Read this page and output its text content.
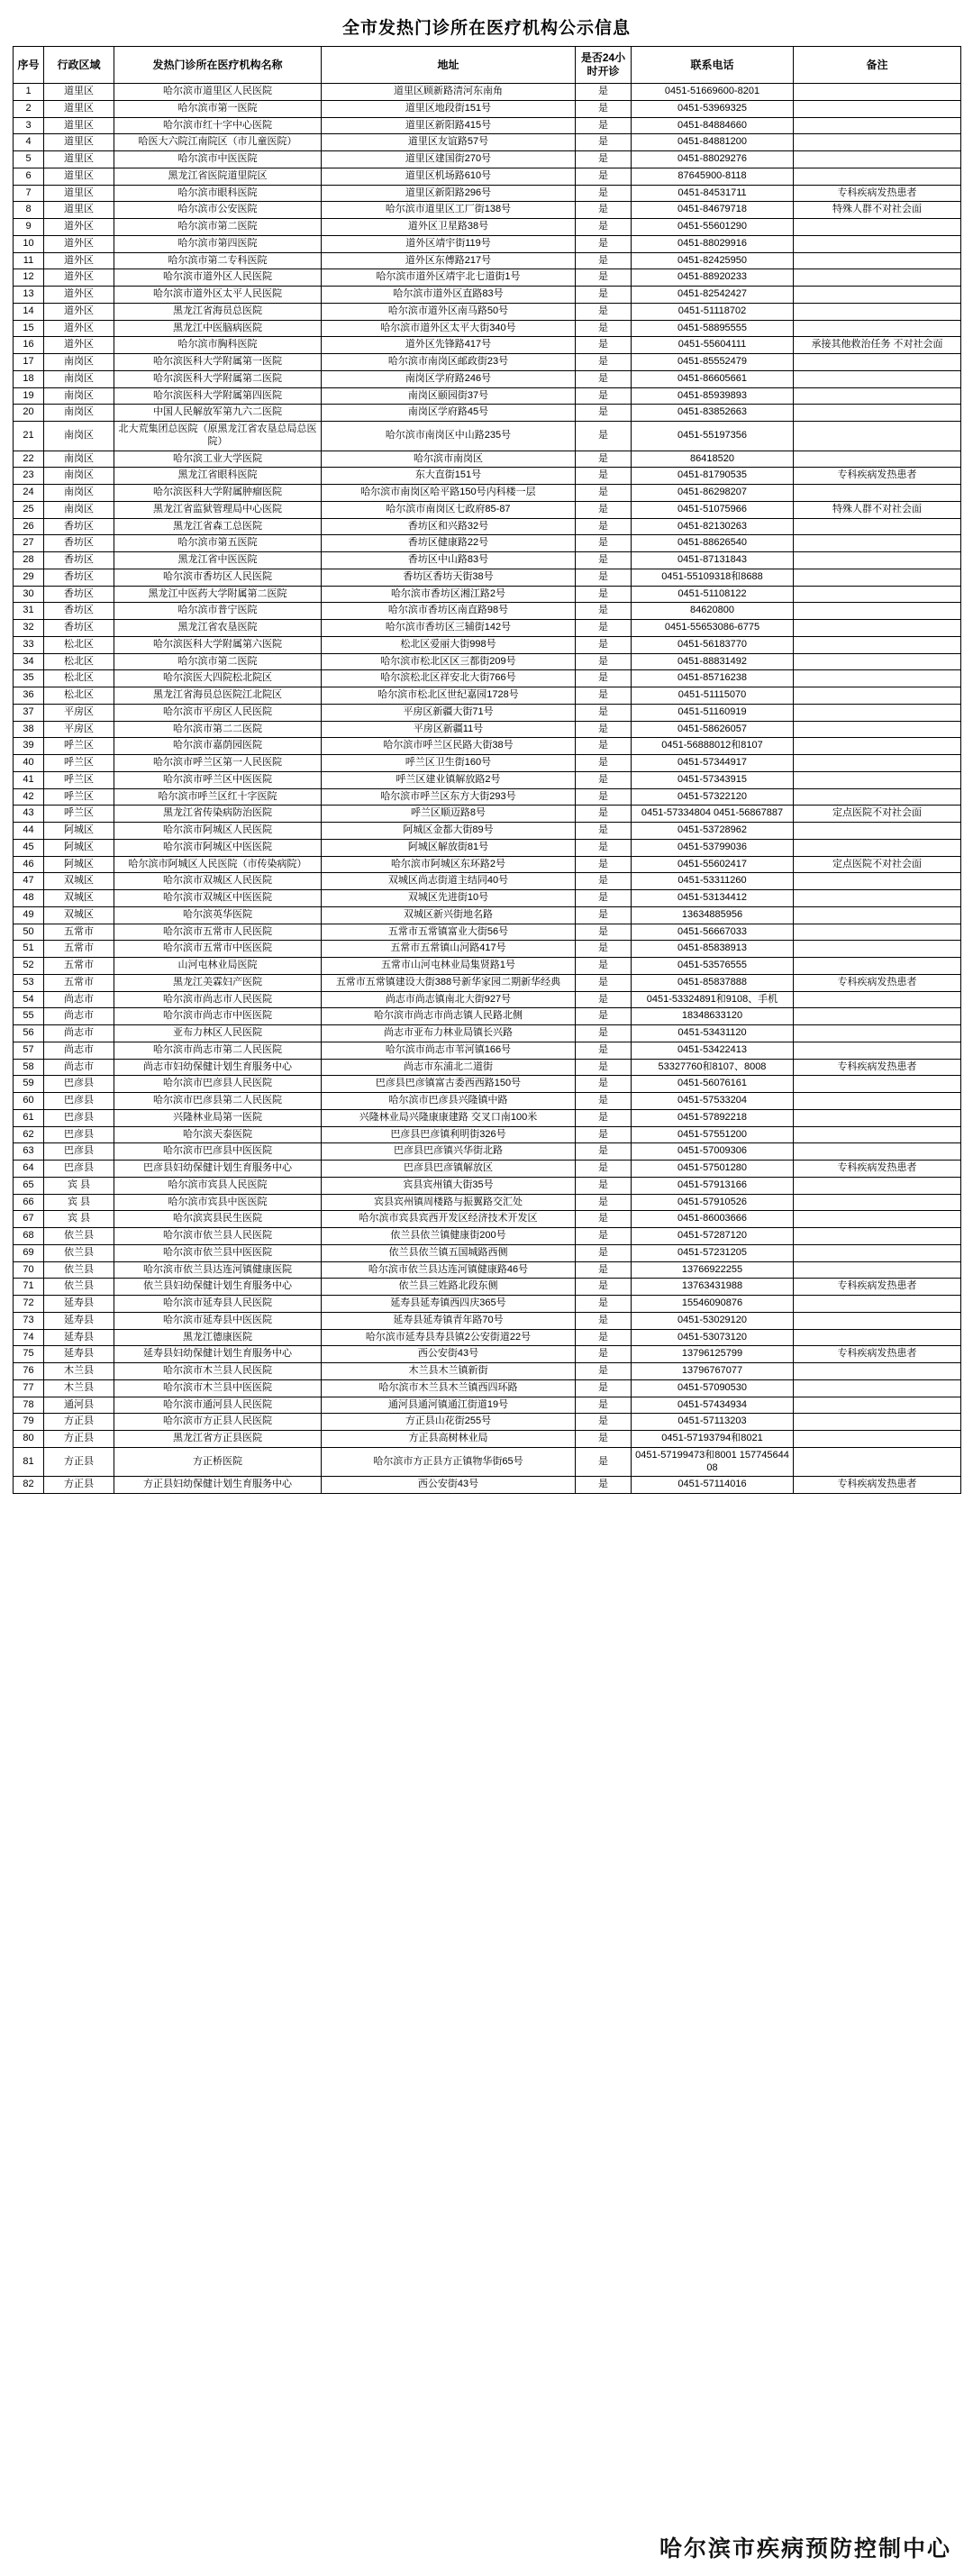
全市发热门诊所在医疗机构公示信息
序号	行政区域	发热门诊所在医疗机构名称	地址	是否24小时开诊	联系电话	备注
1	道里区	哈尔滨市道里区人民医院	道里区顾新路清河东南角	是	0451-51669600-8201	
2	道里区	哈尔滨市第一医院	道里区地段街151号	是	0451-53969325	
3	道里区	哈尔滨市红十字中心医院	道里区新阳路415号	是	0451-84884660	
4	道里区	哈医大六院江南院区（市儿童医院）	道里区友谊路57号	是	0451-84881200	
5	道里区	哈尔滨市中医医院	道里区建国街270号	是	0451-88029276	
6	道里区	黑龙江省医院道里院区	道里区机场路610号	是	87645900-8118	
7	道里区	哈尔滨市眼科医院	道里区新阳路296号	是	0451-84531711	专科疾病发热患者
8	道里区	哈尔滨市公安医院	哈尔滨市道里区工厂街138号	是	0451-84679718	特殊人群不对社会面
9	道外区	哈尔滨市第二医院	道外区卫星路38号	是	0451-55601290	
10	道外区	哈尔滨市第四医院	道外区靖宇街119号	是	0451-88029916	
11	道外区	哈尔滨市第二专科医院	道外区东傅路217号	是	0451-82425950	
12	道外区	哈尔滨市道外区人民医院	哈尔滨市道外区靖宇北七道街1号	是	0451-88920233	
13	道外区	哈尔滨市道外区太平人民医院	哈尔滨市道外区直路83号	是	0451-82542427	
14	道外区	黑龙江省海员总医院	哈尔滨市道外区南马路50号	是	0451-51118702	
15	道外区	黑龙江中医脑病医院	哈尔滨市道外区太平大街340号	是	0451-58895555	
16	道外区	哈尔滨市胸科医院	道外区先锋路417号	是	0451-55604111	承接其他救治任务 不对社会面
17	南岗区	哈尔滨医科大学附属第一医院	哈尔滨市南岗区邮政街23号	是	0451-85552479	
18	南岗区	哈尔滨医科大学附属第二医院	南岗区学府路246号	是	0451-86605661	
19	南岗区	哈尔滨医科大学附属第四医院	南岗区颐园街37号	是	0451-85939893	
20	南岗区	中国人民解放军第九六二医院	南岗区学府路45号	是	0451-83852663	
21	南岗区	北大荒集团总医院（原黑龙江省农垦总局总医院）	哈尔滨市南岗区中山路235号	是	0451-55197356	
22	南岗区	哈尔滨工业大学医院	哈尔滨市南岗区	是	86418520	
23	南岗区	黑龙江省眼科医院	东大直街151号	是	0451-81790535	专科疾病发热患者
24	南岗区	哈尔滨医科大学附属肿瘤医院	哈尔滨市南岗区哈平路150号内科楼一层	是	0451-86298207	
25	南岗区	黑龙江省监狱管理局中心医院	哈尔滨市南岗区七政府85-87	是	0451-51075966	特殊人群不对社会面
26	香坊区	黑龙江省森工总医院	香坊区和兴路32号	是	0451-82130263	
27	香坊区	哈尔滨市第五医院	香坊区健康路22号	是	0451-88626540	
28	香坊区	黑龙江省中医医院	香坊区中山路83号	是	0451-87131843	
29	香坊区	哈尔滨市香坊区人民医院	香坊区香坊天街38号	是	0451-55109318和8688	
30	香坊区	黑龙江中医药大学附属第二医院	哈尔滨市香坊区湘江路2号	是	0451-51108122	
31	香坊区	哈尔滨市普宁医院	哈尔滨市香坊区南直路98号	是	84620800	
32	香坊区	黑龙江省农垦医院	哈尔滨市香坊区三辅街142号	是	0451-55653086-6775	
33	松北区	哈尔滨医科大学附属第六医院	松北区爱丽大街998号	是	0451-56183770	
34	松北区	哈尔滨市第二医院	哈尔滨市松北区区三都街209号	是	0451-88831492	
35	松北区	哈尔滨医大四院松北院区	哈尔滨松北区祥安北大街766号	是	0451-85716238	
36	松北区	黑龙江省海员总医院江北院区	哈尔滨市松北区世纪嘉园1728号	是	0451-51115070	
37	平房区	哈尔滨市平房区人民医院	平房区新疆大街71号	是	0451-51160919	
38	平房区	哈尔滨市第二二医院	平房区新疆11号	是	0451-58626057	
39	呼兰区	哈尔滨市嘉荫园医院	哈尔滨市呼兰区民路大街38号	是	0451-56888012和8107	
40	呼兰区	哈尔滨市呼兰区第一人民医院	呼兰区卫生街160号	是	0451-57344917	
41	呼兰区	哈尔滨市呼兰区中医医院	呼兰区建业镇解放路2号	是	0451-57343915	
42	呼兰区	哈尔滨市呼兰区红十字医院	哈尔滨市呼兰区东方大街293号	是	0451-57322120	
43	呼兰区	黑龙江省传染病防治医院	呼兰区顺迈路8号	是	0451-57334804 0451-56867887	定点医院不对社会面
44	阿城区	哈尔滨市阿城区人民医院	阿城区金都大街89号	是	0451-53728962	
45	阿城区	哈尔滨市阿城区中医医院	阿城区解放街81号	是	0451-53799036	
46	阿城区	哈尔滨市阿城区人民医院（市传染病院）	哈尔滨市阿城区东环路2号	是	0451-55602417	定点医院不对社会面
47	双城区	哈尔滨市双城区人民医院	双城区尚志街道主结同40号	是	0451-53311260	
48	双城区	哈尔滨市双城区中医医院	双城区先进街10号	是	0451-53134412	
49	双城区	哈尔滨英华医院	双城区新兴街地名路	是	13634885956	
50	五常市	哈尔滨市五常市人民医院	五常市五常镇富业大街56号	是	0451-56667033	
51	五常市	哈尔滨市五常市中医医院	五常市五常镇山河路417号	是	0451-85838913	
52	五常市	山河屯林业局医院	五常市山河屯林业局集贤路1号	是	0451-53576555	
53	五常市	黑龙江美霖妇产医院	五常市五常镇建设大街388号新华家园二期新华经典	是	0451-85837888	专科疾病发热患者
54	尚志市	哈尔滨市尚志市人民医院	尚志市尚志镇南北大街927号	是	0451-53324891和9108、手机	
55	尚志市	哈尔滨市尚志市中医医院	哈尔滨市尚志市尚志镇人民路北侧	是	18348633120	
56	尚志市	亚布力林区人民医院	尚志市亚布力林业局镇长兴路	是	0451-53431120	
57	尚志市	哈尔滨市尚志市第二人民医院	哈尔滨市尚志市苇河镇166号	是	0451-53422413	
58	尚志市	尚志市妇幼保健计划生育服务中心	尚志市东浦北二道街	是	53327760和8107、8008	专科疾病发热患者
59	巴彦县	哈尔滨市巴彦县人民医院	巴彦县巴彦镇富古委西西路150号	是	0451-56076161	
60	巴彦县	哈尔滨市巴彦县第二人民医院	哈尔滨市巴彦县兴隆镇中路	是	0451-57533204	
61	巴彦县	兴隆林业局第一医院	兴隆林业局兴隆康康建路 交叉口南100米	是	0451-57892218	
62	巴彦县	哈尔滨天泰医院	巴彦县巴彦镇利明街326号	是	0451-57551200	
63	巴彦县	哈尔滨市巴彦县中医医院	巴彦县巴彦镇兴华街北路	是	0451-57009306	
64	巴彦县	巴彦县妇幼保健计划生育服务中心	巴彦县巴彦镇解放区	是	0451-57501280	专科疾病发热患者
65	宾 县	哈尔滨市宾县人民医院	宾县宾州镇大街35号	是	0451-57913166	
66	宾 县	哈尔滨市宾县中医医院	宾县宾州镇周楼路与振翼路交汇处	是	0451-57910526	
67	宾 县	哈尔滨宾县民生医院	哈尔滨市宾县宾西开发区经济技术开发区	是	0451-86003666	
68	依兰县	哈尔滨市依兰县人民医院	依兰县依兰镇健康街200号	是	0451-57287120	
69	依兰县	哈尔滨市依兰县中医医院	依兰县依兰镇五国城路西侧	是	0451-57231205	
70	依兰县	哈尔滨市依兰县达连河镇健康医院	哈尔滨市依兰县达连河镇健康路46号	是	13766922255	
71	依兰县	依兰县妇幼保健计划生育服务中心	依兰县三姓路北段东侧	是	13763431988	专科疾病发热患者
72	延寿县	哈尔滨市延寿县人民医院	延寿县延寿镇西四庆365号	是	15546090876	
73	延寿县	哈尔滨市延寿县中医医院	延寿县延寿镇青年路70号	是	0451-53029120	
74	延寿县	黑龙江德康医院	哈尔滨市延寿县寿县镇2公安街道22号	是	0451-53073120	
75	延寿县	延寿县妇幼保健计划生育服务中心	西公安街43号	是	13796125799	专科疾病发热患者
76	木兰县	哈尔滨市木兰县人民医院	木兰县木兰镇新街	是	13796767077	
77	木兰县	哈尔滨市木兰县中医医院	哈尔滨市木兰县木兰镇西四环路	是	0451-57090530	
78	通河县	哈尔滨市通河县人民医院	通河县通河镇通江街道19号	是	0451-57434934	
79	方正县	哈尔滨市方正县人民医院	方正县山花街255号	是	0451-57113203	
80	方正县	黑龙江省方正县医院	方正县高树林业局	是	0451-57193794和8021	
81	方正县	方正桥医院	哈尔滨市方正县方正镇物华街65号	是	0451-57199473和8001 15774564408	
82	方正县	方正县妇幼保健计划生育服务中心	西公安街43号	是	0451-57114016	专科疾病发热患者
哈尔滨市疾病预防控制中心
